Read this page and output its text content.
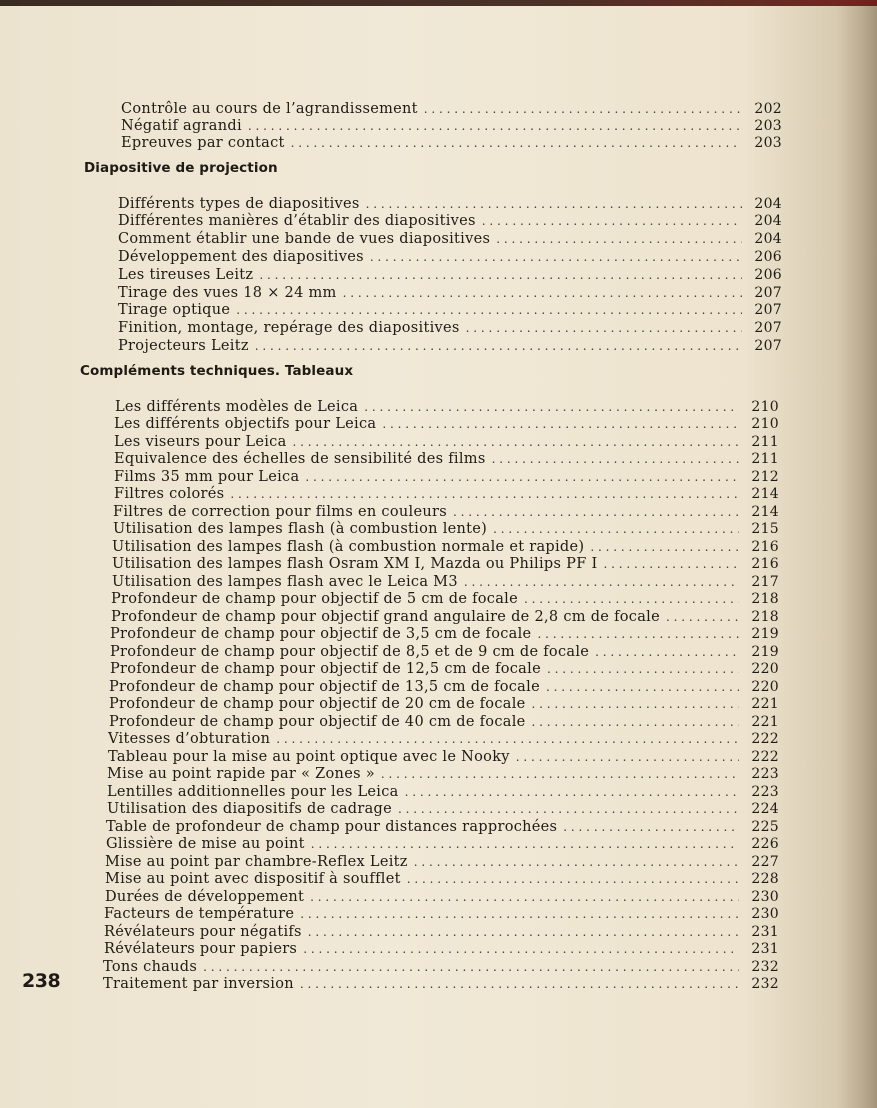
Contrôle au cours de l’agrandissement . . .	202
Négatif agrandi . . .	203
Epreuves par contact . . .	203
Diapositive de projection
Différents types de diapositives . . .	204
Différentes manières d’établir des diapositives . . .	204
Comment établir une bande de vues diapositives . . .	204
Développement des diapositives . . .	206
Les tireuses Leitz . . .	206
Tirage des vues 18 × 24 mm . . .	207
Tirage optique . . .	207
Finition, montage, repérage des diapositives . . .	207
Projecteurs Leitz . . .	207
Compléments techniques. Tableaux
Les différents modèles de Leica . . .	210
Les différents objectifs pour Leica . . .	210
Les viseurs pour Leica . . .	211
Equivalence des échelles de sensibilité des films . . .	211
Films 35 mm pour Leica . . .	212
Filtres colorés . . .	214
Filtres de correction pour films en couleurs . . .	214
Utilisation des lampes flash (à combustion lente) . . .	215
Utilisation des lampes flash (à combustion normale et rapide) . . .	216
Utilisation des lampes flash Osram XM I, Mazda ou Philips PF I . . .	216
Utilisation des lampes flash avec le Leica M3 . . .	217
Profondeur de champ pour objectif de 5 cm de focale . . .	218
Profondeur de champ pour objectif grand angulaire de 2,8 cm de focale . . .	218
Profondeur de champ pour objectif de 3,5 cm de focale . . .	219
Profondeur de champ pour objectif de 8,5 et de 9 cm de focale . . .	219
Profondeur de champ pour objectif de 12,5 cm de focale . . .	220
Profondeur de champ pour objectif de 13,5 cm de focale . . .	220
Profondeur de champ pour objectif de 20 cm de focale . . .	221
Profondeur de champ pour objectif de 40 cm de focale . . .	221
Vitesses d’obturation . . .	222
Tableau pour la mise au point optique avec le Nooky . . .	222
Mise au point rapide par « Zones » . . .	223
Lentilles additionnelles pour les Leica . . .	223
Utilisation des diapositifs de cadrage . . .	224
Table de profondeur de champ pour distances rapprochées . . .	225
Glissière de mise au point . . .	226
Mise au point par chambre-Reflex Leitz . . .	227
Mise au point avec dispositif à soufflet . . .	228
Durées de développement . . .	230
Facteurs de température . . .	230
Révélateurs pour négatifs . . .	231
Révélateurs pour papiers . . .	231
Tons chauds . . .	232
Traitement par inversion . . .	232

238
